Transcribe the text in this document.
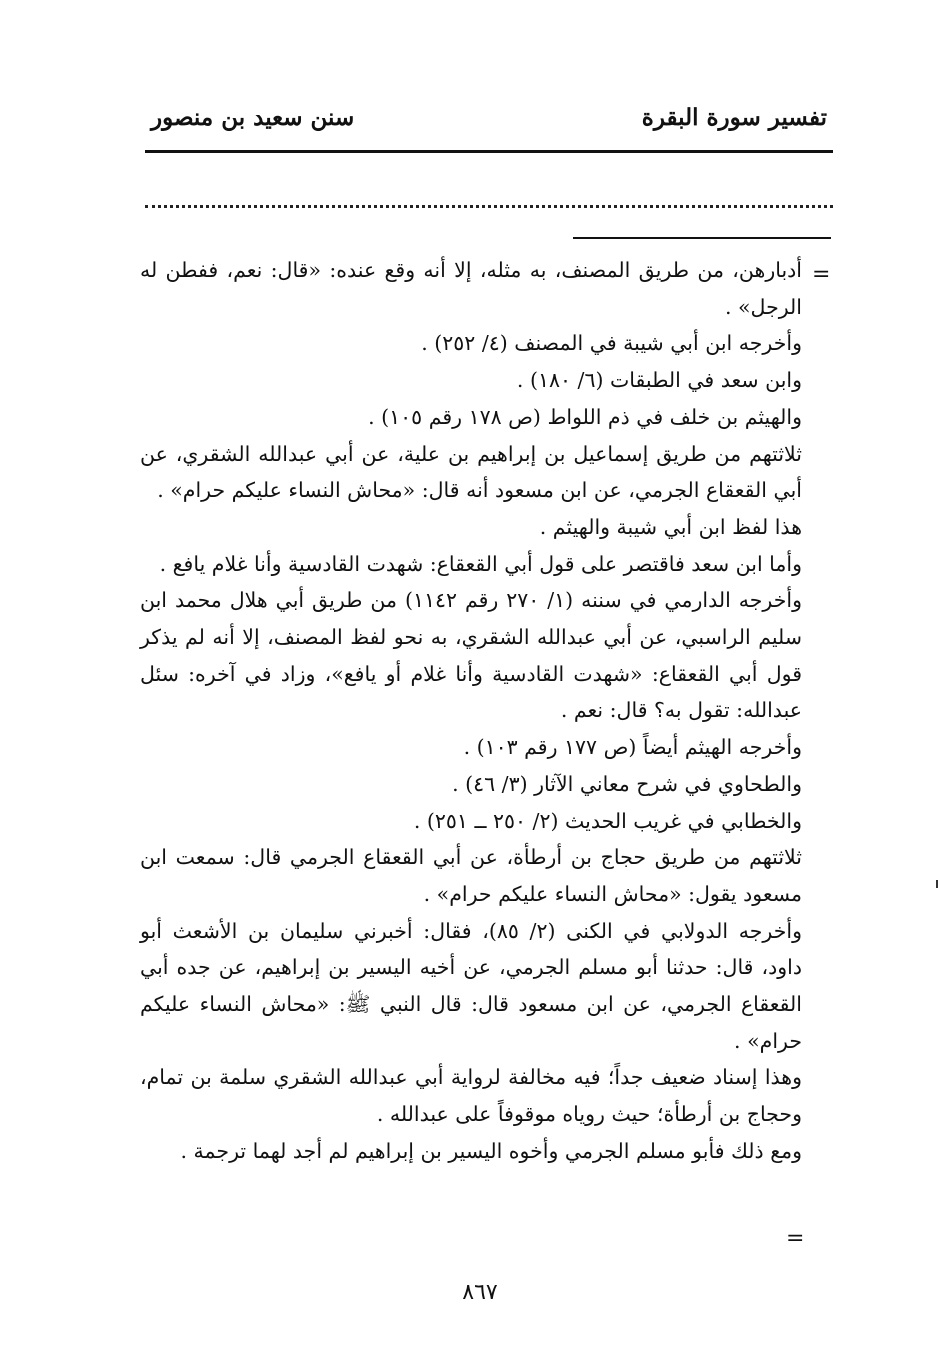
تفسير سورة البقرة
سنن سعيد بن منصور
=

أدبارهن، من طريق المصنف، به مثله، إلا أنه وقع عنده: «قال: نعم، ففطن له الرجل» .

وأخرجه ابن أبي شيبة في المصنف (٤/ ٢٥٢) .

وابن سعد في الطبقات (٦/ ١٨٠) .

والهيثم بن خلف في ذم اللواط (ص ١٧٨ رقم ١٠٥) .

ثلاثتهم من طريق إسماعيل بن إبراهيم بن علية، عن أبي عبدالله الشقري، عن أبي القعقاع الجرمي، عن ابن مسعود أنه قال: «محاش النساء عليكم حرام» .

هذا لفظ ابن أبي شيبة والهيثم .

وأما ابن سعد فاقتصر على قول أبي القعقاع: شهدت القادسية وأنا غلام يافع .

وأخرجه الدارمي في سننه (١/ ٢٧٠ رقم ١١٤٢) من طريق أبي هلال محمد ابن سليم الراسبي، عن أبي عبدالله الشقري، به نحو لفظ المصنف، إلا أنه لم يذكر قول أبي القعقاع: «شهدت القادسية وأنا غلام أو يافع»، وزاد في آخره: سئل عبدالله: تقول به؟ قال: نعم .

وأخرجه الهيثم أيضاً (ص ١٧٧ رقم ١٠٣) .

والطحاوي في شرح معاني الآثار (٣/ ٤٦) .

والخطابي في غريب الحديث (٢/ ٢٥٠ ــ ٢٥١) .

ثلاثتهم من طريق حجاج بن أرطأة، عن أبي القعقاع الجرمي قال: سمعت ابن مسعود يقول: «محاش النساء عليكم حرام» .

وأخرجه الدولابي في الكنى (٢/ ٨٥)، فقال: أخبرني سليمان بن الأشعث أبو داود، قال: حدثنا أبو مسلم الجرمي، عن أخيه اليسير بن إبراهيم، عن جده أبي القعقاع الجرمي، عن ابن مسعود قال: قال النبي ﷺ: «محاش النساء عليكم حرام» .

وهذا إسناد ضعيف جداً؛ فيه مخالفة لرواية أبي عبدالله الشقري سلمة بن تمام، وحجاج بن أرطأة؛ حيث روياه موقوفاً على عبدالله .

ومع ذلك فأبو مسلم الجرمي وأخوه اليسير بن إبراهيم لم أجد لهما ترجمة .

=
٨٦٧
